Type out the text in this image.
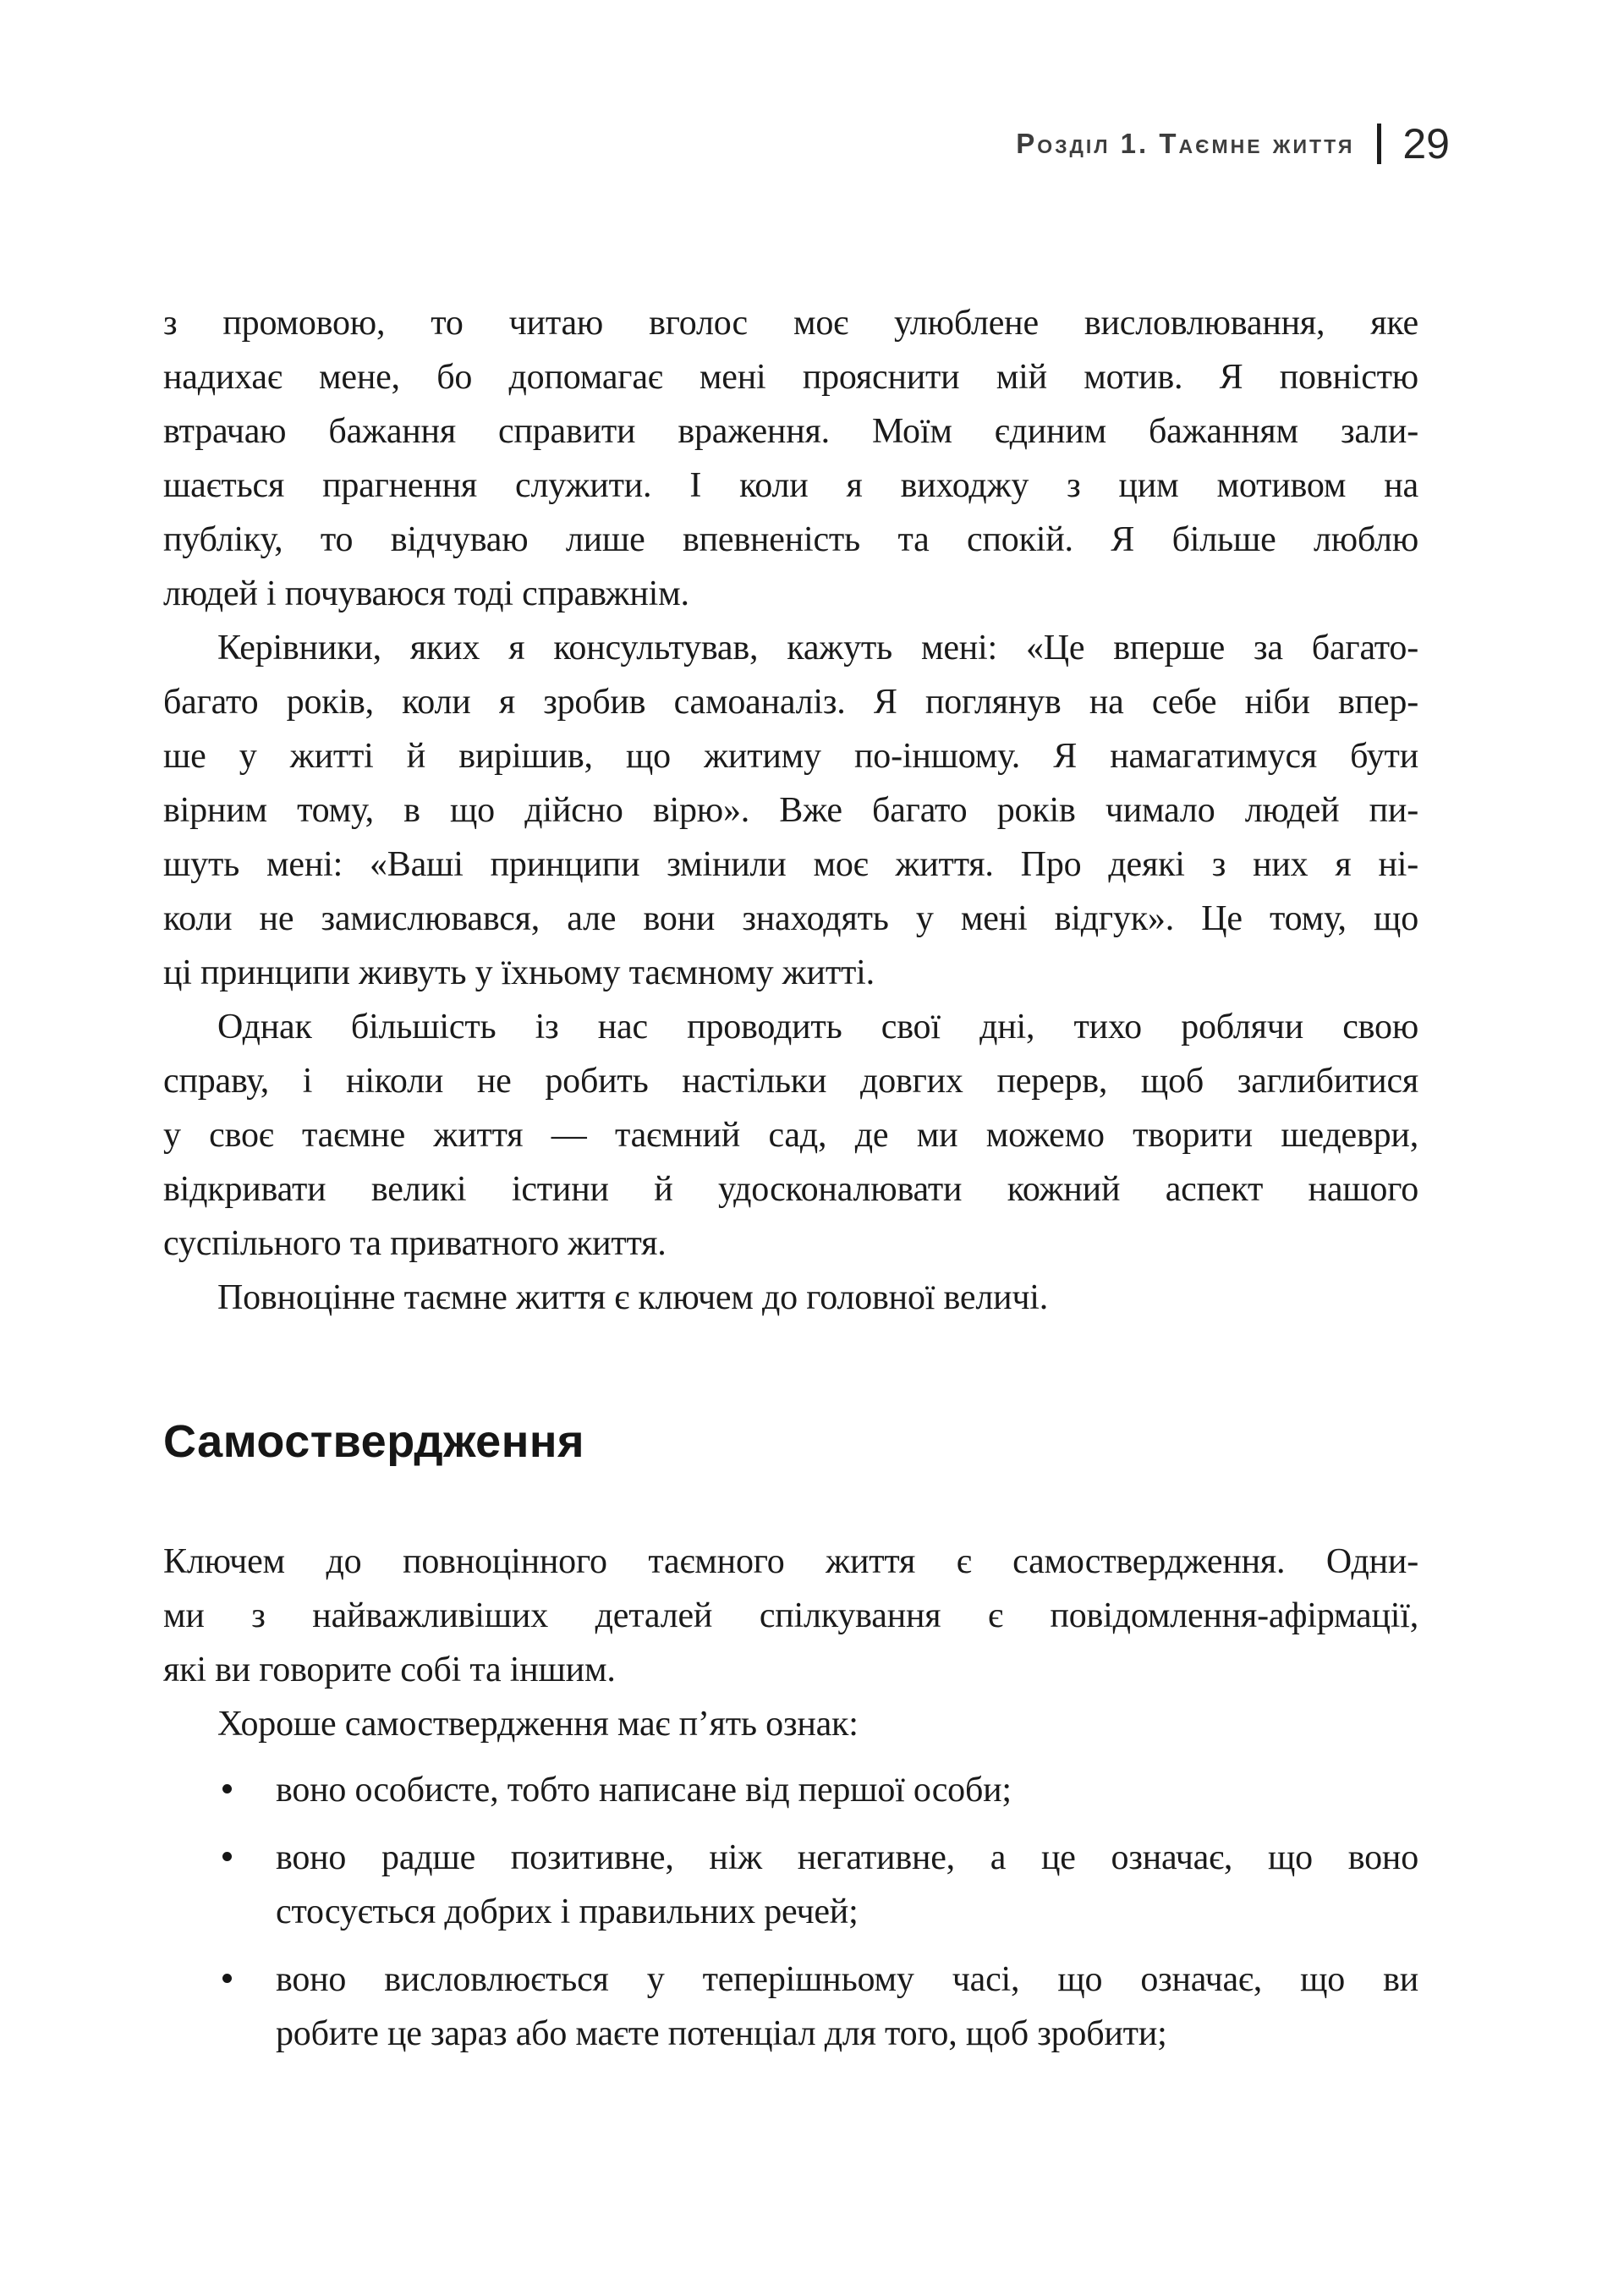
Розділ 1. Таємне життя 29

з промовою, то читаю вголос моє улюблене висловлювання, яке
надихає мене, бо допомагає мені прояснити мій мотив. Я повністю
втрачаю бажання справити враження. Моїм єдиним бажанням зали-
шається прагнення служити. І коли я виходжу з цим мотивом на
публіку, то відчуваю лише впевненість та спокій. Я більше люблю
людей і почуваюся тоді справжнім.

Керівники, яких я консультував, кажуть мені: «Це вперше за багато-
багато років, коли я зробив самоаналіз. Я поглянув на себе ніби впер-
ше у житті й вирішив, що житиму по-іншому. Я намагатимуся бути
вірним тому, в що дійсно вірю». Вже багато років чимало людей пи-
шуть мені: «Ваші принципи змінили моє життя. Про деякі з них я ні-
коли не замислювався, але вони знаходять у мені відгук». Це тому, що
ці принципи живуть у їхньому таємному житті.

Однак більшість із нас проводить свої дні, тихо роблячи свою
справу, і ніколи не робить настільки довгих перерв, щоб заглибитися
у своє таємне життя — таємний сад, де ми можемо творити шедеври,
відкривати великі істини й удосконалювати кожний аспект нашого
суспільного та приватного життя.

Повноцінне таємне життя є ключем до головної величі.

Самоствердження

Ключем до повноцінного таємного життя є самоствердження. Одни-
ми з найважливіших деталей спілкування є повідомлення-афірмації,
які ви говорите собі та іншим.

Хороше самоствердження має п’ять ознак:

воно особисте, тобто написане від першої особи;
воно радше позитивне, ніж негативне, а це означає, що воно
стосується добрих і правильних речей;
воно висловлюється у теперішньому часі, що означає, що ви
робите це зараз або маєте потенціал для того, щоб зробити;
